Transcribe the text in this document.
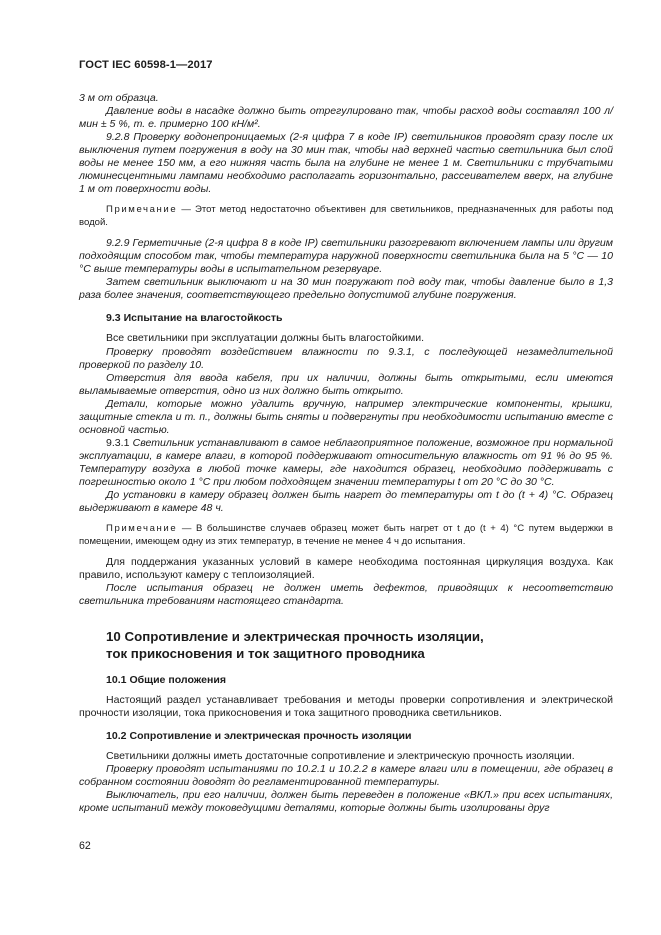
ГОСТ IEC 60598-1—2017

3 м от образца.

Давление воды в насадке должно быть отрегулировано так, чтобы расход воды составлял 100 л/мин ± 5 %, т. е. примерно 100 кН/м².

9.2.8 Проверку водонепроницаемых (2-я цифра 7 в коде IP) светильников проводят сразу после их выключения путем погружения в воду на 30 мин так, чтобы над верхней частью светильника был слой воды не менее 150 мм, а его нижняя часть была на глубине не менее 1 м. Светильники с трубчатыми люминесцентными лампами необходимо располагать горизонтально, рассеивателем вверх, на глубине 1 м от поверхности воды.

Примечание — Этот метод недостаточно объективен для светильников, предназначенных для работы под водой.

9.2.9 Герметичные (2-я цифра 8 в коде IP) светильники разогревают включением лампы или другим подходящим способом так, чтобы температура наружной поверхности светильника была на 5 °С — 10 °С выше температуры воды в испытательном резервуаре.

Затем светильник выключают и на 30 мин погружают под воду так, чтобы давление было в 1,3 раза более значения, соответствующего предельно допустимой глубине погружения.

9.3 Испытание на влагостойкость

Все светильники при эксплуатации должны быть влагостойкими.

Проверку проводят воздействием влажности по 9.3.1, с последующей незамедлительной проверкой по разделу 10.

Отверстия для ввода кабеля, при их наличии, должны быть открытыми, если имеются выламываемые отверстия, одно из них должно быть открыто.

Детали, которые можно удалить вручную, например электрические компоненты, крышки, защитные стекла и т. п., должны быть сняты и подвергнуты при необходимости испытанию вместе с основной частью.

9.3.1 Светильник устанавливают в самое неблагоприятное положение, возможное при нормальной эксплуатации, в камере влаги, в которой поддерживают относительную влажность от 91 % до 95 %. Температуру воздуха в любой точке камеры, где находится образец, необходимо поддерживать с погрешностью около 1 °С при любом подходящем значении температуры t от 20 °С до 30 °С.

До установки в камеру образец должен быть нагрет до температуры от t до (t + 4) °С. Образец выдерживают в камере 48 ч.

Примечание — В большинстве случаев образец может быть нагрет от t до (t + 4) °С путем выдержки в помещении, имеющем одну из этих температур, в течение не менее 4 ч до испытания.

Для поддержания указанных условий в камере необходима постоянная циркуляция воздуха. Как правило, используют камеру с теплоизоляцией.

После испытания образец не должен иметь дефектов, приводящих к несоответствию светильника требованиям настоящего стандарта.

10 Сопротивление и электрическая прочность изоляции,
ток прикосновения и ток защитного проводника

10.1 Общие положения

Настоящий раздел устанавливает требования и методы проверки сопротивления и электрической прочности изоляции, тока прикосновения и тока защитного проводника светильников.

10.2 Сопротивление и электрическая прочность изоляции

Светильники должны иметь достаточные сопротивление и электрическую прочность изоляции.

Проверку проводят испытаниями по 10.2.1 и 10.2.2 в камере влаги или в помещении, где образец в собранном состоянии доводят до регламентированной температуры.

Выключатель, при его наличии, должен быть переведен в положение «ВКЛ.» при всех испытаниях, кроме испытаний между токоведущими деталями, которые должны быть изолированы друг

62
